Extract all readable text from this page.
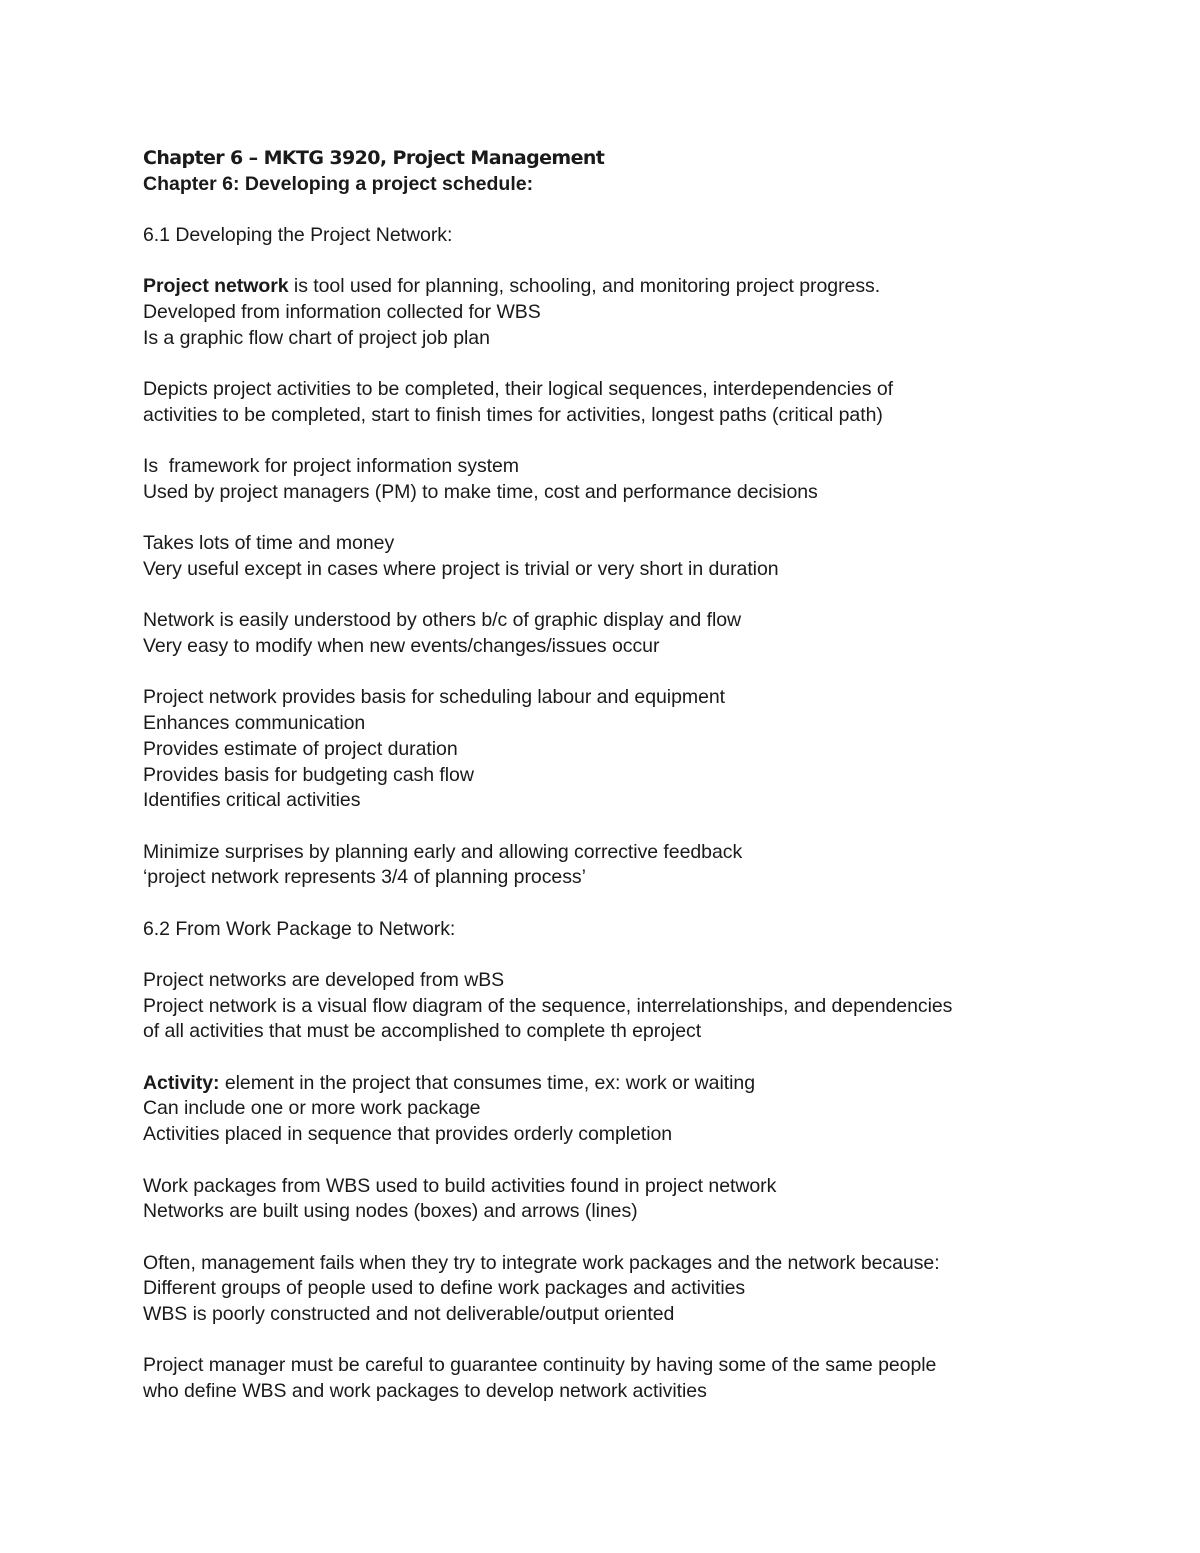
Chapter 6 – MKTG 3920, Project Management
Chapter 6: Developing a project schedule:
6.1 Developing the Project Network:
Project network is tool used for planning, schooling, and monitoring project progress.
Developed from information collected for WBS
Is a graphic flow chart of project job plan
Depicts project activities to be completed, their logical sequences, interdependencies of
activities to be completed, start to finish times for activities, longest paths (critical path)
Is  framework for project information system
Used by project managers (PM) to make time, cost and performance decisions
Takes lots of time and money
Very useful except in cases where project is trivial or very short in duration
Network is easily understood by others b/c of graphic display and flow
Very easy to modify when new events/changes/issues occur
Project network provides basis for scheduling labour and equipment
Enhances communication
Provides estimate of project duration
Provides basis for budgeting cash flow
Identifies critical activities
Minimize surprises by planning early and allowing corrective feedback
‘project network represents 3/4 of planning process’
6.2 From Work Package to Network:
Project networks are developed from wBS
Project network is a visual flow diagram of the sequence, interrelationships, and dependencies
of all activities that must be accomplished to complete th eproject
Activity: element in the project that consumes time, ex: work or waiting
Can include one or more work package
Activities placed in sequence that provides orderly completion
Work packages from WBS used to build activities found in project network
Networks are built using nodes (boxes) and arrows (lines)
Often, management fails when they try to integrate work packages and the network because:
Different groups of people used to define work packages and activities
WBS is poorly constructed and not deliverable/output oriented
Project manager must be careful to guarantee continuity by having some of the same people
who define WBS and work packages to develop network activities
